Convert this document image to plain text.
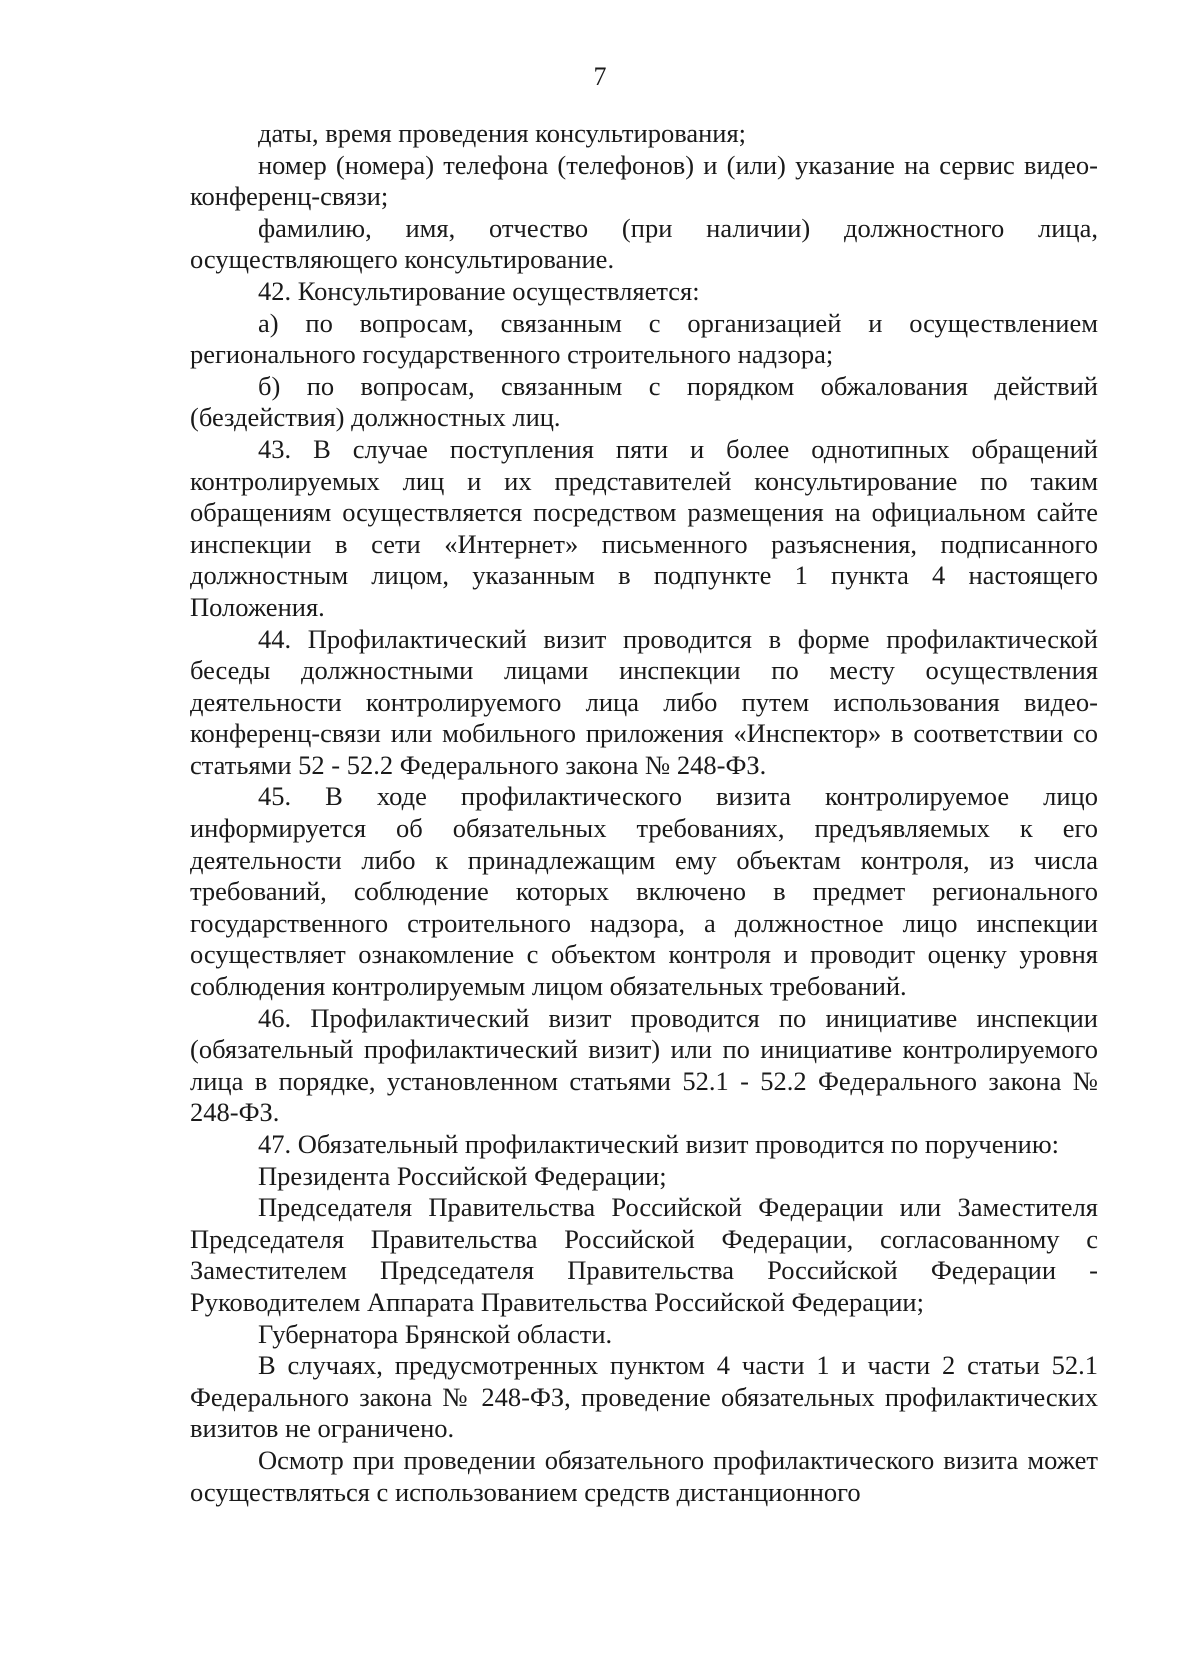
7

даты, время проведения консультирования;

номер (номера) телефона (телефонов) и (или) указание на сервис видео-конференц-связи;

фамилию, имя, отчество (при наличии) должностного лица, осуществляющего консультирование.

42. Консультирование осуществляется:

а) по вопросам, связанным с организацией и осуществлением регионального государственного строительного надзора;

б) по вопросам, связанным с порядком обжалования действий (бездействия) должностных лиц.

43. В случае поступления пяти и более однотипных обращений контролируемых лиц и их представителей консультирование по таким обращениям осуществляется посредством размещения на официальном сайте инспекции в сети «Интернет» письменного разъяснения, подписанного должностным лицом, указанным в подпункте 1 пункта 4 настоящего Положения.

44. Профилактический визит проводится в форме профилактической беседы должностными лицами инспекции по месту осуществления деятельности контролируемого лица либо путем использования видео-конференц-связи или мобильного приложения «Инспектор» в соответствии со статьями 52 - 52.2 Федерального закона № 248-ФЗ.

45. В ходе профилактического визита контролируемое лицо информируется об обязательных требованиях, предъявляемых к его деятельности либо к принадлежащим ему объектам контроля, из числа требований, соблюдение которых включено в предмет регионального государственного строительного надзора, а должностное лицо инспекции осуществляет ознакомление с объектом контроля и проводит оценку уровня соблюдения контролируемым лицом обязательных требований.

46. Профилактический визит проводится по инициативе инспекции (обязательный профилактический визит) или по инициативе контролируемого лица в порядке, установленном статьями 52.1 - 52.2 Федерального закона № 248-ФЗ.

47. Обязательный профилактический визит проводится по поручению:

Президента Российской Федерации;

Председателя Правительства Российской Федерации или Заместителя Председателя Правительства Российской Федерации, согласованному с Заместителем Председателя Правительства Российской Федерации - Руководителем Аппарата Правительства Российской Федерации;

Губернатора Брянской области.

В случаях, предусмотренных пунктом 4 части 1 и части 2 статьи 52.1 Федерального закона № 248-ФЗ, проведение обязательных профилактических визитов не ограничено.

Осмотр при проведении обязательного профилактического визита может осуществляться с использованием средств дистанционного
